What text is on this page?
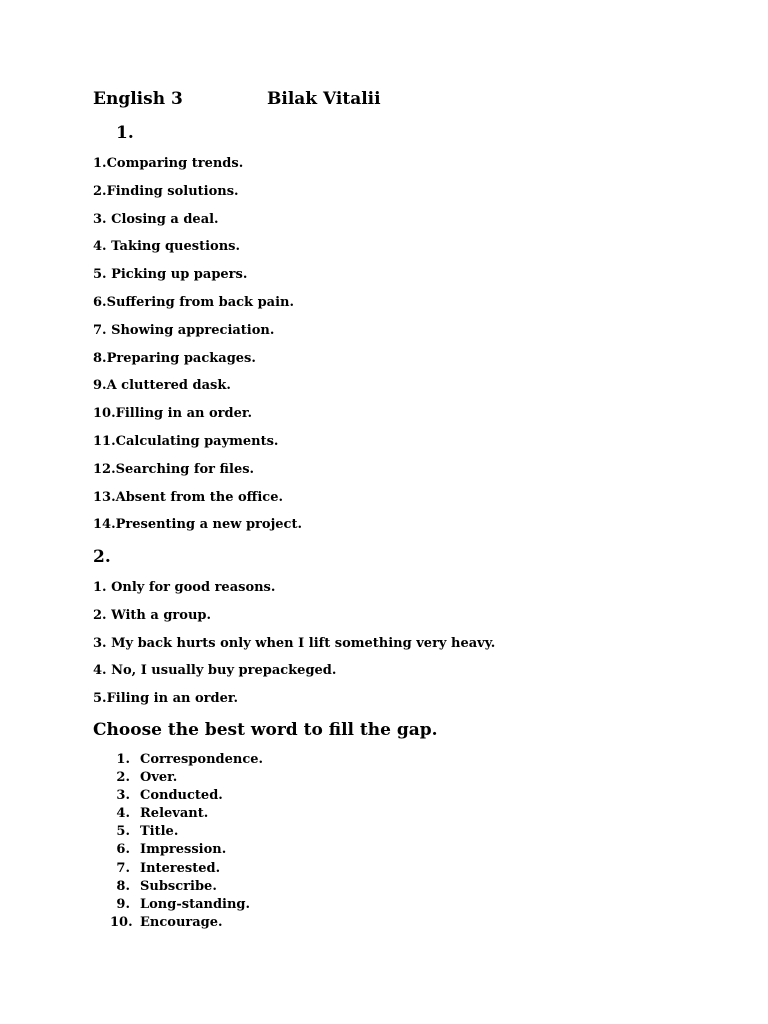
English 3	Bilak Vitalii
1.
1.Comparing trends.
2.Finding solutions.
3. Closing a deal.
4. Taking questions.
5. Picking up papers.
6.Suffering from back pain.
7. Showing appreciation.
8.Preparing packages.
9.A cluttered dask.
10.Filling in an order.
11.Calculating payments.
12.Searching for files.
13.Absent from the office.
14.Presenting a new project.
2.
1. Only for good reasons.
2. With a group.
3. My back hurts only when I lift something very heavy.
4. No, I usually buy prepackeged.
5.Filing in an order.
Choose the best word to fill the gap.
1. Correspondence.
2. Over.
3. Conducted.
4. Relevant.
5. Title.
6. Impression.
7. Interested.
8. Subscribe.
9. Long-standing.
10. Encourage.
